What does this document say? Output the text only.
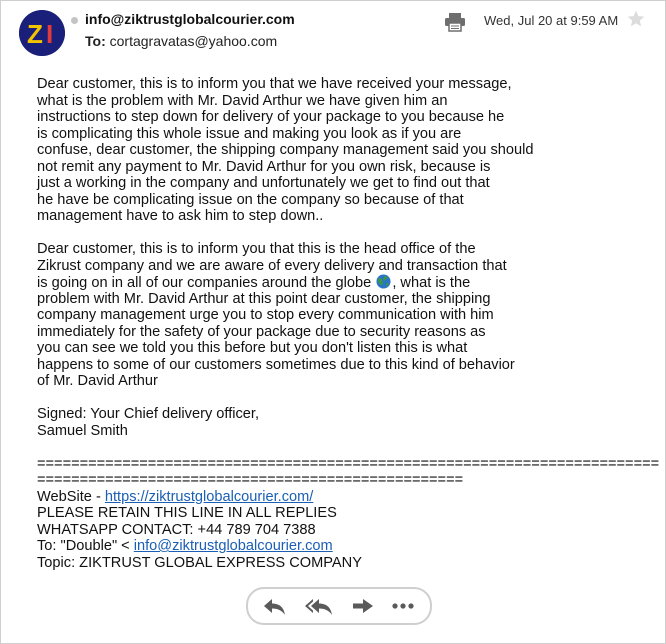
Z I info@ziktrustglobalcourier.com
To: cortagravatas@yahoo.com
Wed, Jul 20 at 9:59 AM
Dear customer, this is to inform you that we have received your message,
what is the problem with Mr. David Arthur we have given him an
instructions to step down for delivery of your package to you because he
is complicating this whole issue and making you look as if you are
confuse, dear customer, the shipping company management said you should
not remit any payment to Mr. David Arthur for you own risk, because is
just a working in the company and unfortunately we get to find out that
he have be complicating issue on the company so because of that
management have to ask him to step down..
Dear customer, this is to inform you that this is the head office of the
Zikrust company and we are aware of every delivery and transaction that
is going on in all of our companies around the globe , what is the
problem with Mr. David Arthur at this point dear customer, the shipping
company management urge you to stop every communication with him
immediately for the safety of your package due to security reasons as
you can see we told you this before but you don't listen this is what
happens to some of our customers sometimes due to this kind of behavior
of Mr. David Arthur
Signed: Your Chief delivery officer,
Samuel Smith
=========================================================================
==================================================
WebSite - https://ziktrustglobalcourier.com/
PLEASE RETAIN THIS LINE IN ALL REPLIES
WHATSAPP CONTACT: +44 789 704 7388
To: "Double" < info@ziktrustglobalcourier.com
Topic: ZIKTRUST GLOBAL EXPRESS COMPANY
